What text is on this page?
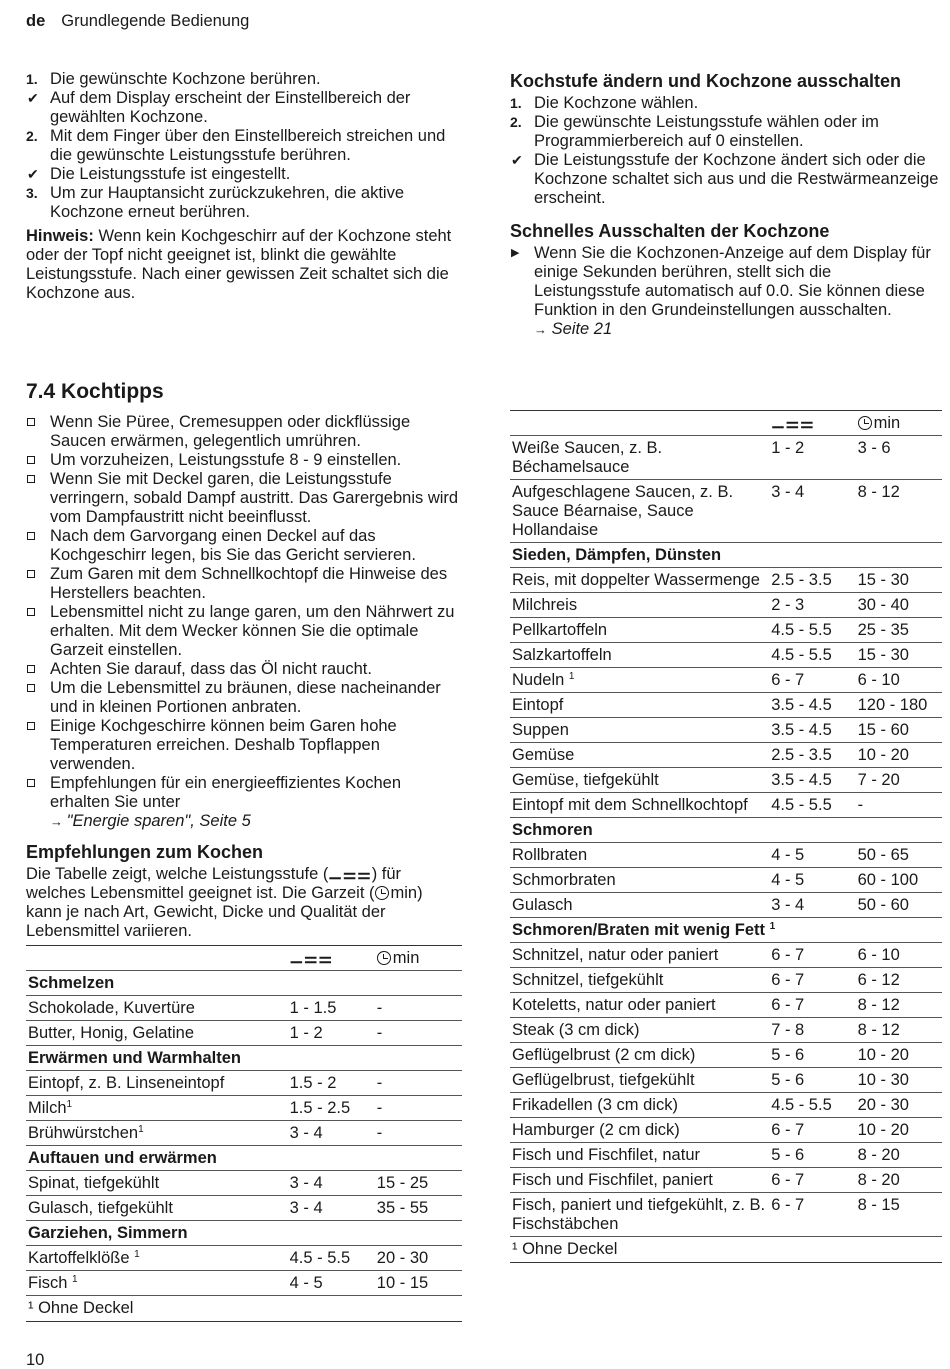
de Grundlegende Bedienung
1. Die gewünschte Kochzone berühren.
✔ Auf dem Display erscheint der Einstellbereich der gewählten Kochzone.
2. Mit dem Finger über den Einstellbereich streichen und die gewünschte Leistungsstufe berühren.
✔ Die Leistungsstufe ist eingestellt.
3. Um zur Hauptansicht zurückzukehren, die aktive Kochzone erneut berühren.
Hinweis: Wenn kein Kochgeschirr auf der Kochzone steht oder der Topf nicht geeignet ist, blinkt die gewählte Leistungsstufe. Nach einer gewissen Zeit schaltet sich die Kochzone aus.
Kochstufe ändern und Kochzone ausschalten
1. Die Kochzone wählen.
2. Die gewünschte Leistungsstufe wählen oder im Programmierbereich auf 0 einstellen.
✔ Die Leistungsstufe der Kochzone ändert sich oder die Kochzone schaltet sich aus und die Restwärmeanzeige erscheint.
Schnelles Ausschalten der Kochzone
▶ Wenn Sie die Kochzonen-Anzeige auf dem Display für einige Sekunden berühren, stellt sich die Leistungsstufe automatisch auf 0.0. Sie können diese Funktion in den Grundeinstellungen ausschalten.
→ Seite 21
7.4 Kochtipps
Wenn Sie Püree, Cremesuppen oder dickflüssige Saucen erwärmen, gelegentlich umrühren.
Um vorzuheizen, Leistungsstufe 8 - 9 einstellen.
Wenn Sie mit Deckel garen, die Leistungsstufe verringern, sobald Dampf austritt. Das Garergebnis wird vom Dampfaustritt nicht beeinflusst.
Nach dem Garvorgang einen Deckel auf das Kochgeschirr legen, bis Sie das Gericht servieren.
Zum Garen mit dem Schnellkochtopf die Hinweise des Herstellers beachten.
Lebensmittel nicht zu lange garen, um den Nährwert zu erhalten. Mit dem Wecker können Sie die optimale Garzeit einstellen.
Achten Sie darauf, dass das Öl nicht raucht.
Um die Lebensmittel zu bräunen, diese nacheinander und in kleinen Portionen anbraten.
Einige Kochgeschirre können beim Garen hohe Temperaturen erreichen. Deshalb Topflappen verwenden.
Empfehlungen für ein energieeffizientes Kochen erhalten Sie unter
→ "Energie sparen", Seite 5
Empfehlungen zum Kochen
Die Tabelle zeigt, welche Leistungsstufe (⚊⚌⚌) für welches Lebensmittel geeignet ist. Die Garzeit ( min) kann je nach Art, Gewicht, Dicke und Qualität der Lebensmittel variieren.
	⚊⚌⚌	min
Schmelzen		
Schokolade, Kuvertüre	1 - 1.5	-
Butter, Honig, Gelatine	1 - 2	-
Erwärmen und Warmhalten		
Eintopf, z. B. Linseneintopf	1.5 - 2	-
Milch$^1$	1.5 - 2.5	-
Brühwürstchen$^1$	3 - 4	-
Auftauen und erwärmen		
Spinat, tiefgekühlt	3 - 4	15 - 25
Gulasch, tiefgekühlt	3 - 4	35 - 55
Garziehen, Simmern		
Kartoffelklöße $^1$	4.5 - 5.5	20 - 30
Fisch $^1$	4 - 5	10 - 15
¹ Ohne Deckel
	⚊⚌⚌	min
Weiße Saucen, z. B. Béchamelsauce	1 - 2	3 - 6
Aufgeschlagene Saucen, z. B. Sauce Béarnaise, Sauce Hollandaise	3 - 4	8 - 12
Sieden, Dämpfen, Dünsten		
Reis, mit doppelter Wassermenge	2.5 - 3.5	15 - 30
Milchreis	2 - 3	30 - 40
Pellkartoffeln	4.5 - 5.5	25 - 35
Salzkartoffeln	4.5 - 5.5	15 - 30
Nudeln $^1$	6 - 7	6 - 10
Eintopf	3.5 - 4.5	120 - 180
Suppen	3.5 - 4.5	15 - 60
Gemüse	2.5 - 3.5	10 - 20
Gemüse, tiefgekühlt	3.5 - 4.5	7 - 20
Eintopf mit dem Schnellkochtopf	4.5 - 5.5	-
Schmoren		
Rollbraten	4 - 5	50 - 65
Schmorbraten	4 - 5	60 - 100
Gulasch	3 - 4	50 - 60
Schmoren/Braten mit wenig Fett $^1$
Schnitzel, natur oder paniert	6 - 7	6 - 10
Schnitzel, tiefgekühlt	6 - 7	6 - 12
Koteletts, natur oder paniert	6 - 7	8 - 12
Steak (3 cm dick)	7 - 8	8 - 12
Geflügelbrust (2 cm dick)	5 - 6	10 - 20
Geflügelbrust, tiefgekühlt	5 - 6	10 - 30
Frikadellen (3 cm dick)	4.5 - 5.5	20 - 30
Hamburger (2 cm dick)	6 - 7	10 - 20
Fisch und Fischfilet, natur	5 - 6	8 - 20
Fisch und Fischfilet, paniert	6 - 7	8 - 20
Fisch, paniert und tiefgekühlt, z. B. Fischstäbchen	6 - 7	8 - 15
¹ Ohne Deckel
10
